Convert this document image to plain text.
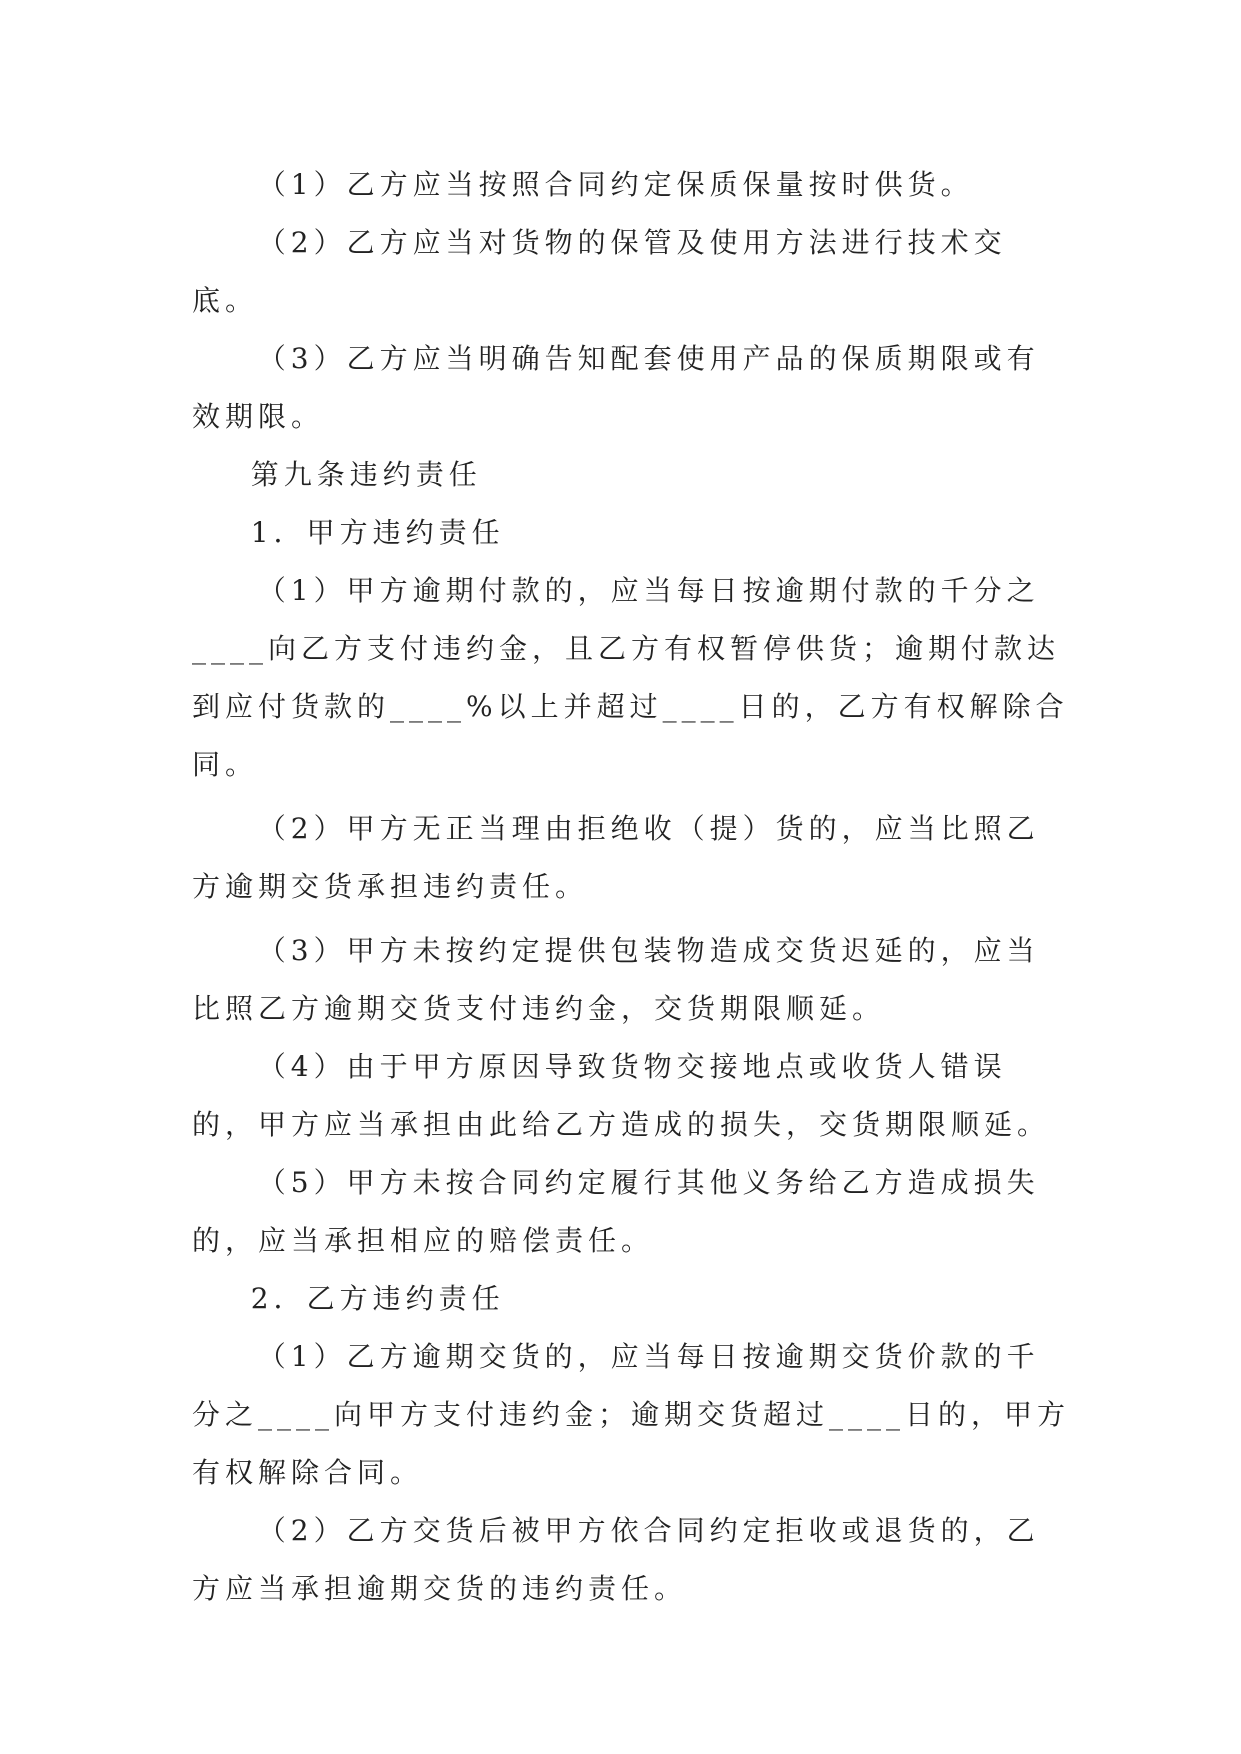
（1）乙方应当按照合同约定保质保量按时供货。

（2）乙方应当对货物的保管及使用方法进行技术交底。

（3）乙方应当明确告知配套使用产品的保质期限或有效期限。

第九条违约责任

1．甲方违约责任

（1）甲方逾期付款的，应当每日按逾期付款的千分之____向乙方支付违约金，且乙方有权暂停供货；逾期付款达到应付货款的____%以上并超过____日的，乙方有权解除合同。

（2）甲方无正当理由拒绝收（提）货的，应当比照乙方逾期交货承担违约责任。

（3）甲方未按约定提供包装物造成交货迟延的，应当比照乙方逾期交货支付违约金，交货期限顺延。

（4）由于甲方原因导致货物交接地点或收货人错误的，甲方应当承担由此给乙方造成的损失，交货期限顺延。

（5）甲方未按合同约定履行其他义务给乙方造成损失的，应当承担相应的赔偿责任。

2．乙方违约责任

（1）乙方逾期交货的，应当每日按逾期交货价款的千分之____向甲方支付违约金；逾期交货超过____日的，甲方有权解除合同。

（2）乙方交货后被甲方依合同约定拒收或退货的，乙方应当承担逾期交货的违约责任。
